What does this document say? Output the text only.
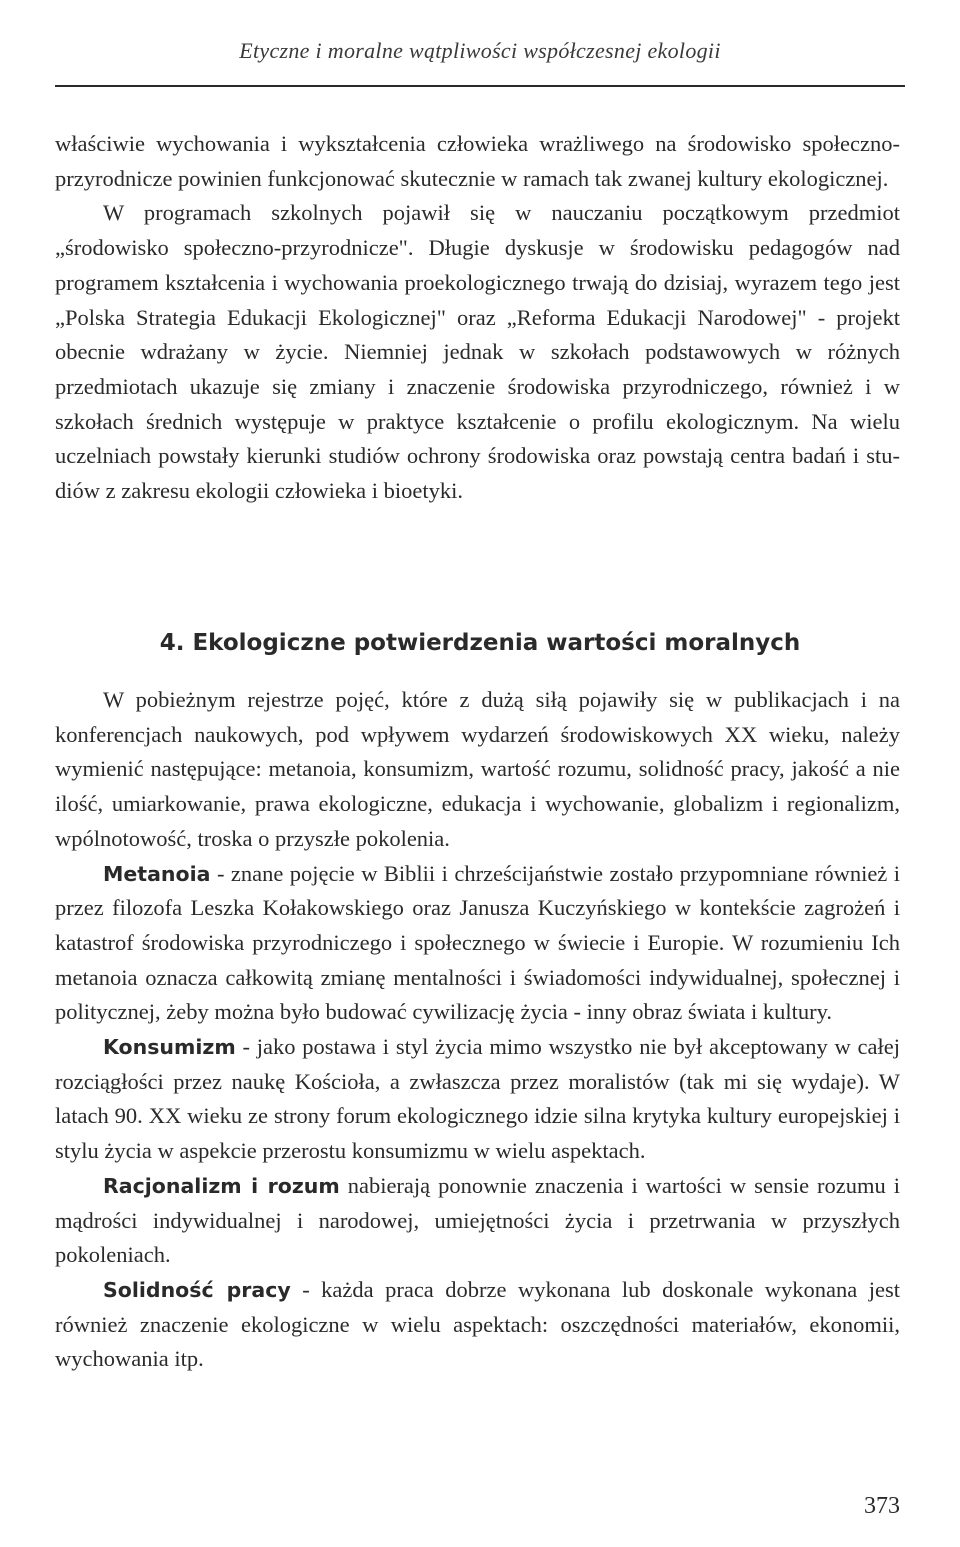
Etyczne i moralne wątpliwości współczesnej ekologii

właściwie wychowania i wykształcenia człowieka wrażliwego na środowisko społeczno-przyrodnicze powinien funkcjonować skutecznie w ramach tak zwanej kultury ekologicznej.

W programach szkolnych pojawił się w nauczaniu początkowym przedmiot „środowisko społeczno-przyrodnicze". Długie dyskusje w środowisku pedagogów nad programem kształcenia i wychowania proekologicznego trwają do dzisiaj, wyrazem tego jest „Polska Strategia Edukacji Ekologicznej" oraz „Reforma Edukacji Narodowej" - projekt obecnie wdrażany w życie. Niemniej jednak w szkołach podstawowych w różnych przedmiotach ukazuje się zmiany i znaczenie środowiska przyrodniczego, również i w szkołach średnich występuje w praktyce kształcenie o profilu ekologicznym. Na wielu uczelniach powstały kierunki studiów ochrony środowiska oraz powstają centra badań i studiów z zakresu ekologii człowieka i bioetyki.

4. Ekologiczne potwierdzenia wartości moralnych

W pobieżnym rejestrze pojęć, które z dużą siłą pojawiły się w publikacjach i na konferencjach naukowych, pod wpływem wydarzeń środowiskowych XX wieku, należy wymienić następujące: metanoia, konsumizm, wartość rozumu, solidność pracy, jakość a nie ilość, umiarkowanie, prawa ekologiczne, edukacja i wychowanie, globalizm i regionalizm, wpólnotowość, troska o przyszłe pokolenia.

Metanoia - znane pojęcie w Biblii i chrześcijaństwie zostało przypomniane również i przez filozofa Leszka Kołakowskiego oraz Janusza Kuczyńskiego w kontekście zagrożeń i katastrof środowiska przyrodniczego i społecznego w świecie i Europie. W rozumieniu Ich metanoia oznacza całkowitą zmianę mentalności i świadomości indywidualnej, społecznej i politycznej, żeby można było budować cywilizację życia - inny obraz świata i kultury.

Konsumizm - jako postawa i styl życia mimo wszystko nie był akceptowany w całej rozciągłości przez naukę Kościoła, a zwłaszcza przez moralistów (tak mi się wydaje). W latach 90. XX wieku ze strony forum ekologicznego idzie silna krytyka kultury europejskiej i stylu życia w aspekcie przerostu konsumizmu w wielu aspektach.

Racjonalizm i rozum nabierają ponownie znaczenia i wartości w sensie rozumu i mądrości indywidualnej i narodowej, umiejętności życia i przetrwania w przyszłych pokoleniach.

Solidność pracy - każda praca dobrze wykonana lub doskonale wykonana jest również znaczenie ekologiczne w wielu aspektach: oszczędności materiałów, ekonomii, wychowania itp.

373
